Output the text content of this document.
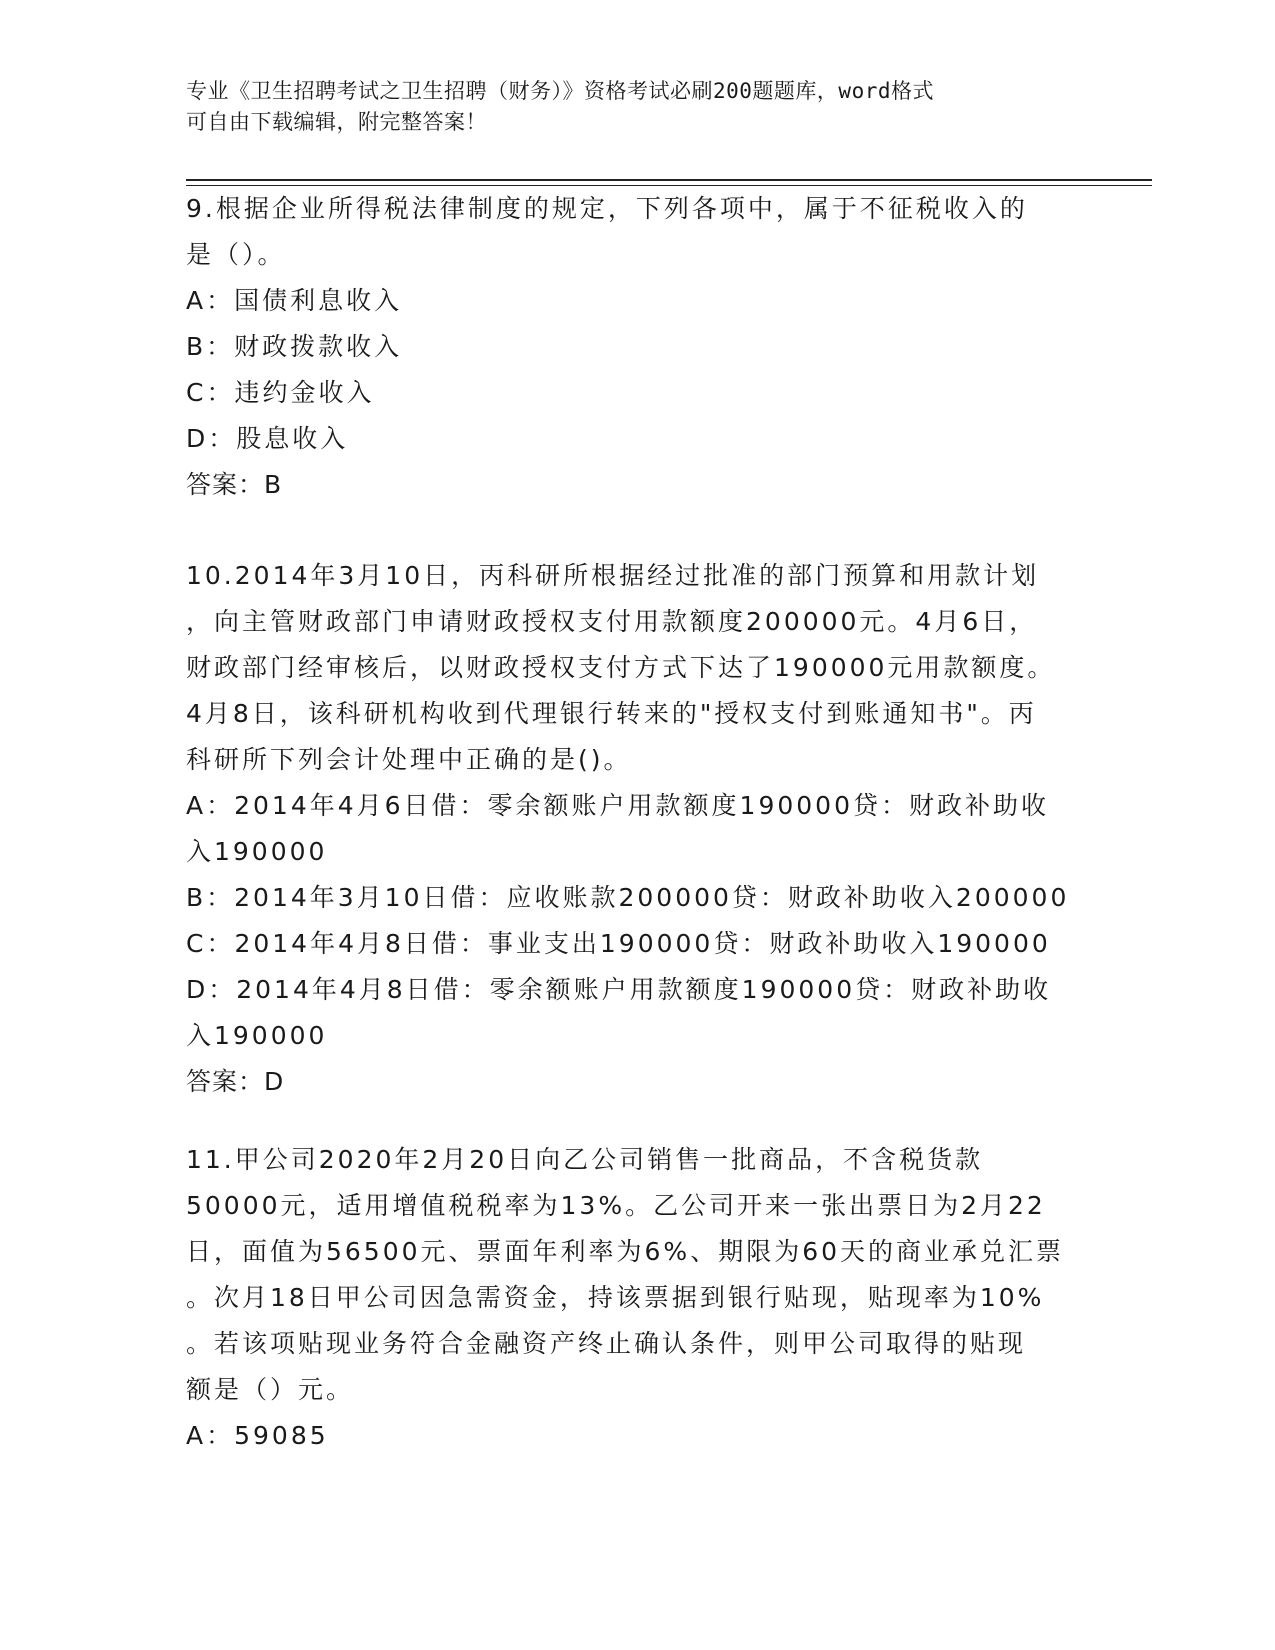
专业《卫生招聘考试之卫生招聘（财务）》资格考试必刷200题题库，word格式
可自由下载编辑，附完整答案！
9.根据企业所得税法律制度的规定，下列各项中，属于不征税收入的
是（）。
A：国债利息收入
B：财政拨款收入
C：违约金收入
D：股息收入
答案：B
10.2014年3月10日，丙科研所根据经过批准的部门预算和用款计划
，向主管财政部门申请财政授权支付用款额度200000元。4月6日，
财政部门经审核后，以财政授权支付方式下达了190000元用款额度。
4月8日，该科研机构收到代理银行转来的"授权支付到账通知书"。丙
科研所下列会计处理中正确的是()。
A：2014年4月6日借：零余额账户用款额度190000贷：财政补助收
入190000
B：2014年3月10日借：应收账款200000贷：财政补助收入200000
C：2014年4月8日借：事业支出190000贷：财政补助收入190000
D：2014年4月8日借：零余额账户用款额度190000贷：财政补助收
入190000
答案：D
11.甲公司2020年2月20日向乙公司销售一批商品，不含税货款
50000元，适用增值税税率为13%。乙公司开来一张出票日为2月22
日，面值为56500元、票面年利率为6%、期限为60天的商业承兑汇票
。次月18日甲公司因急需资金，持该票据到银行贴现，贴现率为10%
。若该项贴现业务符合金融资产终止确认条件，则甲公司取得的贴现
额是（）元。
A：59085
